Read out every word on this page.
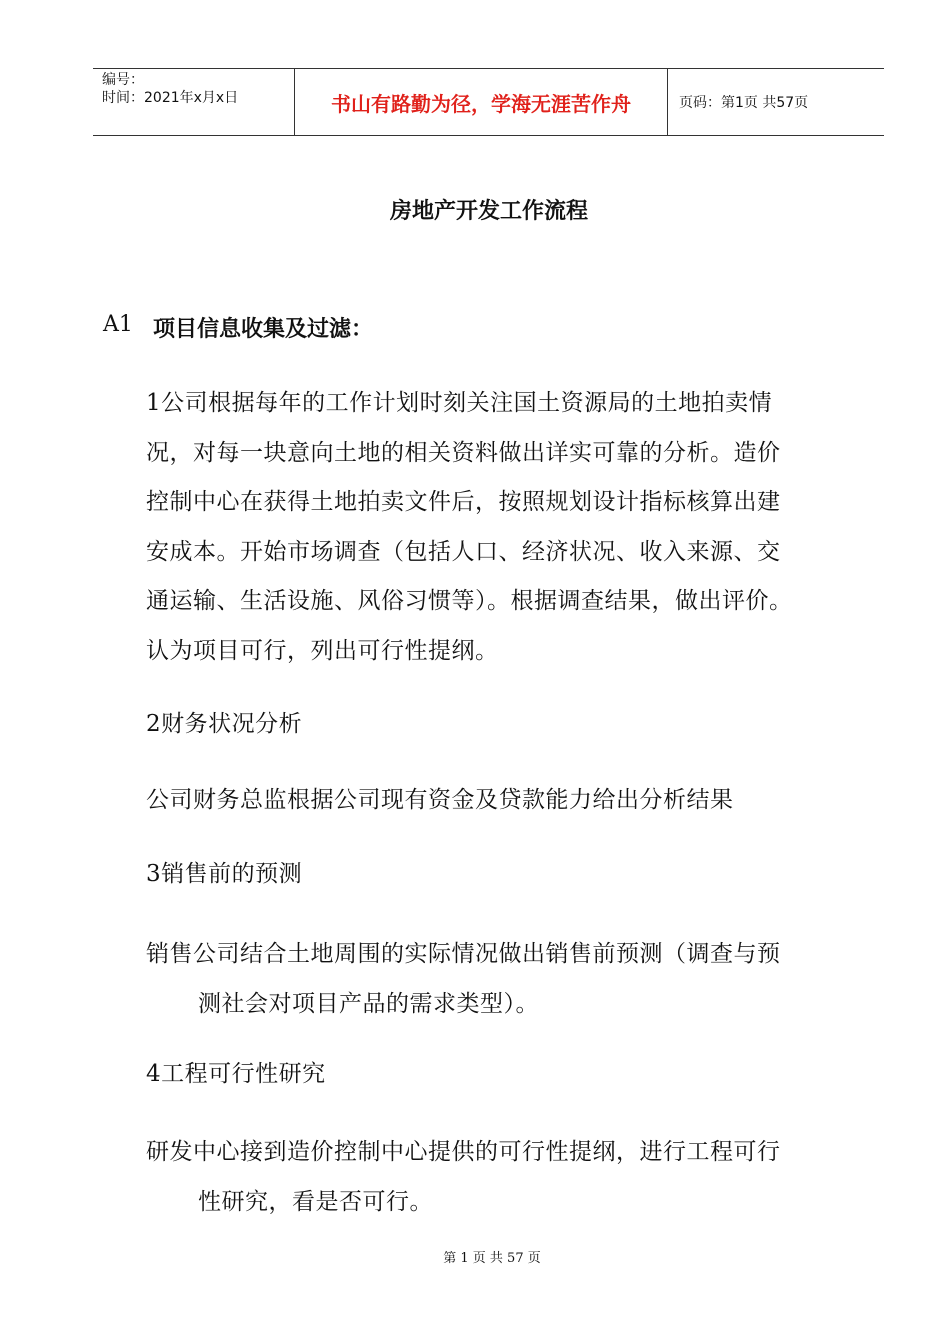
编号：
时间：2021年x月x日	书山有路勤为径，学海无涯苦作舟	页码：第1页 共57页
房地产开发工作流程
A1 项目信息收集及过滤：
1公司根据每年的工作计划时刻关注国土资源局的土地拍卖情
况，对每一块意向土地的相关资料做出详实可靠的分析。造价
控制中心在获得土地拍卖文件后，按照规划设计指标核算出建
安成本。开始市场调查（包括人口、经济状况、收入来源、交
通运输、生活设施、风俗习惯等）。根据调查结果，做出评价。
认为项目可行，列出可行性提纲。
2财务状况分析
公司财务总监根据公司现有资金及贷款能力给出分析结果
3销售前的预测
销售公司结合土地周围的实际情况做出销售前预测（调查与预
测社会对项目产品的需求类型）。
4工程可行性研究
研发中心接到造价控制中心提供的可行性提纲，进行工程可行
性研究，看是否可行。
第 1 页 共 57 页
